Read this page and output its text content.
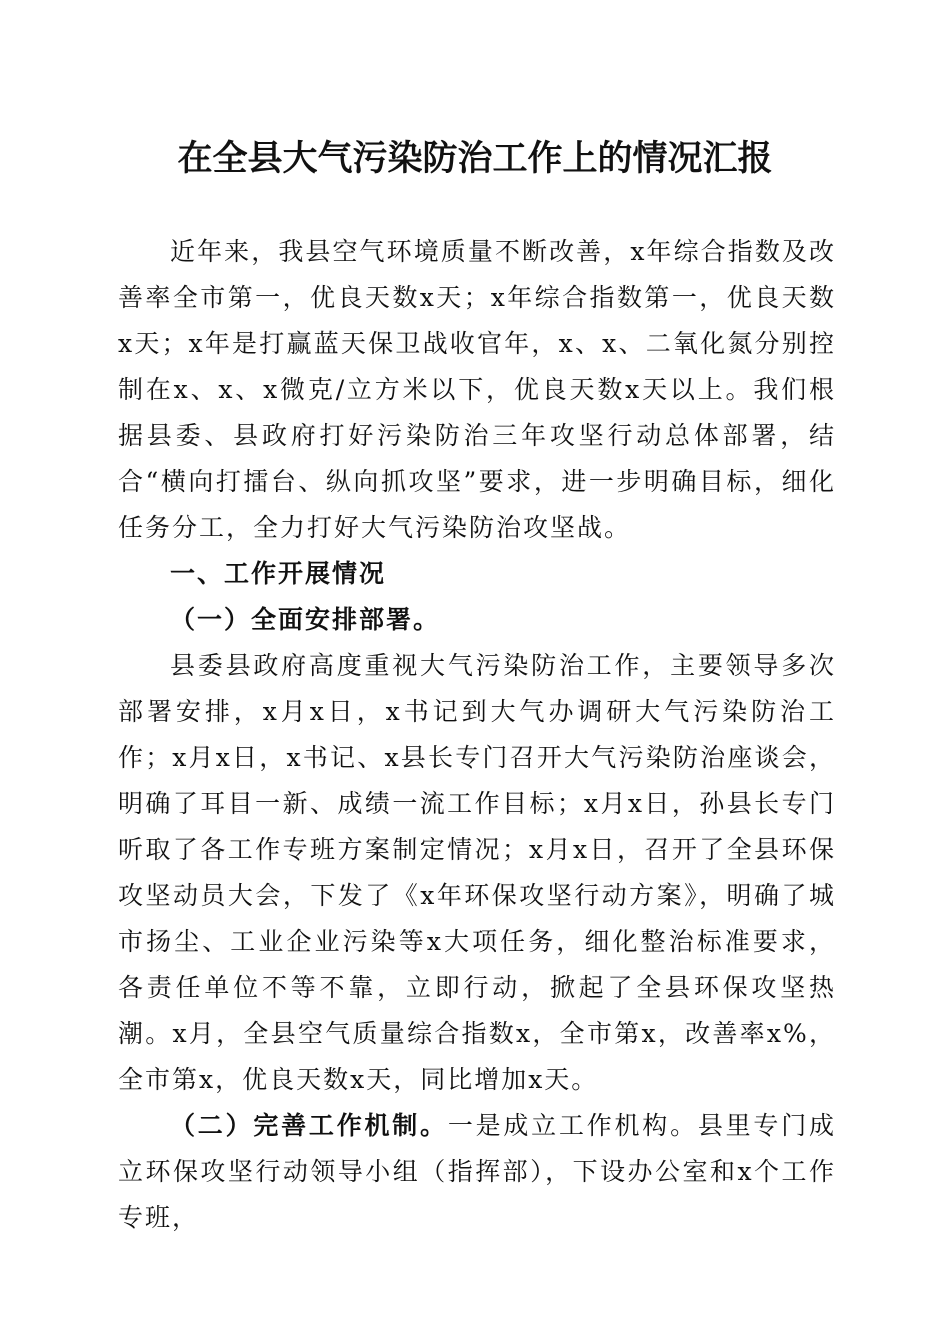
在全县大气污染防治工作上的情况汇报

近年来，我县空气环境质量不断改善，x年综合指数及改善率全市第一，优良天数x天；x年综合指数第一，优良天数x天；x年是打赢蓝天保卫战收官年，x、x、二氧化氮分别控制在x、x、x微克/立方米以下，优良天数x天以上。我们根据县委、县政府打好污染防治三年攻坚行动总体部署，结合“横向打擂台、纵向抓攻坚”要求，进一步明确目标，细化任务分工，全力打好大气污染防治攻坚战。

一、工作开展情况

（一）全面安排部署。

县委县政府高度重视大气污染防治工作，主要领导多次部署安排，x月x日，x书记到大气办调研大气污染防治工作；x月x日，x书记、x县长专门召开大气污染防治座谈会，明确了耳目一新、成绩一流工作目标；x月x日，孙县长专门听取了各工作专班方案制定情况；x月x日，召开了全县环保攻坚动员大会，下发了《x年环保攻坚行动方案》，明确了城市扬尘、工业企业污染等x大项任务，细化整治标准要求，各责任单位不等不靠，立即行动，掀起了全县环保攻坚热潮。x月，全县空气质量综合指数x，全市第x，改善率x%，全市第x，优良天数x天，同比增加x天。

（二）完善工作机制。一是成立工作机构。县里专门成立环保攻坚行动领导小组（指挥部），下设办公室和x个工作专班，
